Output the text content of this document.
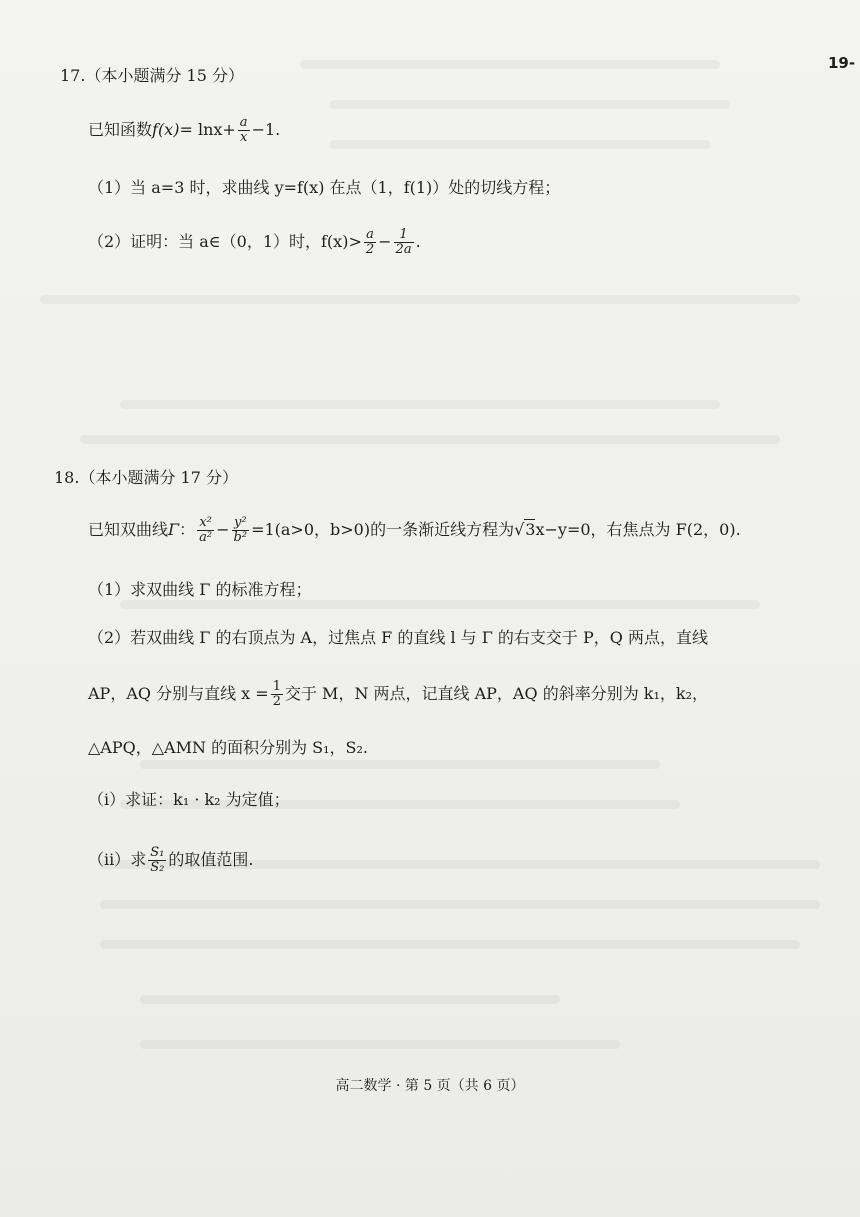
19-
17.（本小题满分 15 分）
已知函数$f(x)= \ln x+ \frac{a}{x} -1$.
（1）当 a=3 时，求曲线 y=f(x) 在点（1，f(1)）处的切线方程；
（2）证明：当 a∈（0，1）时，$f(x)> \frac{a}{2} - \frac{1}{2a}$ .
18.（本小题满分 17 分）
已知双曲线Γ： $\frac{\text{x²}}{\text{a²}} - \frac{\text{y²}}{\text{b²}} =1(a>0$，b>0)的一条渐近线方程为√3x−y=0，右焦点为 F(2，0).
（1）求双曲线 Γ 的标准方程；
（2）若双曲线 Γ 的右顶点为 A，过焦点 F 的直线 l 与 Γ 的右支交于 P，Q 两点，直线
AP，AQ 分别与直线 $x = \frac{1}{2}$ 交于 M，N 两点，记直线 AP，AQ 的斜率分别为 k₁，k₂，
△APQ，△AMN 的面积分别为 S₁，S₂.
（i）求证：k₁ · k₂ 为定值；
（ii）求 $\frac{\text{S₁}}{\text{S₂}}$ 的取值范围.
高二数学 · 第 5 页（共 6 页）
